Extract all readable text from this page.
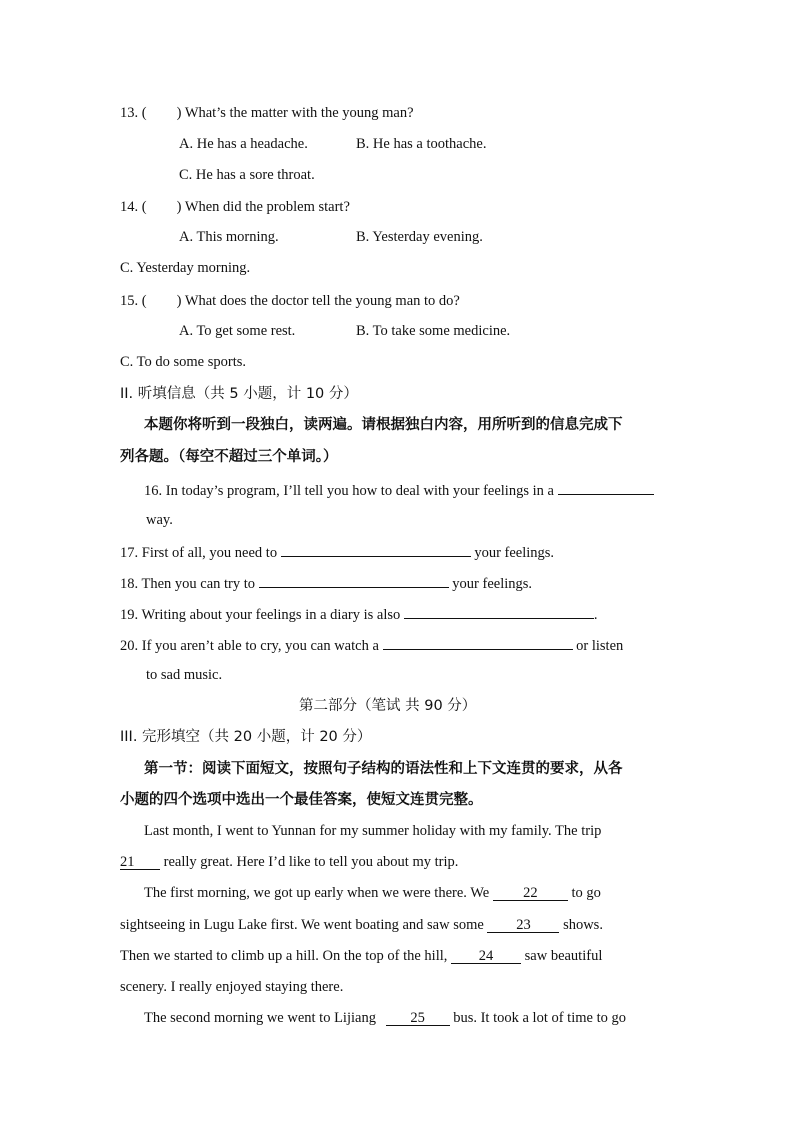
13. ( ) What’s the matter with the young man?
A. He has a headache.	B. He has a toothache.
C. He has a sore throat.
14. ( ) When did the problem start?
A. This morning.	B. Yesterday evening.
C. Yesterday morning.
15. ( ) What does the doctor tell the young man to do?
A. To get some rest.	B. To take some medicine.
C. To do some sports.
II. 听填信息（共 5 小题，计 10 分）
本题你将听到一段独白，读两遍。请根据独白内容，用所听到的信息完成下
列各题。（每空不超过三个单词。）
16. In today’s program, I’ll tell you how to deal with your feelings in a
way.
17. First of all, you need to	your feelings.
18. Then you can try to	your feelings.
19. Writing about your feelings in a diary is also	.
20. If you aren’t able to cry, you can watch a	or listen
to sad music.
第二部分（笔试 共 90 分）
III. 完形填空（共 20 小题，计 20 分）
第一节：阅读下面短文，按照句子结构的语法性和上下文连贯的要求，从各
小题的四个选项中选出一个最佳答案，使短文连贯完整。
Last month, I went to Yunnan for my summer holiday with my family. The trip
21 really great. Here I’d like to tell you about my trip.
The first morning, we got up early when we were there. We 22 to go
sightseeing in Lugu Lake first. We went boating and saw some 23 shows.
Then we started to climb up a hill. On the top of the hill, 24 saw beautiful
scenery. I really enjoyed staying there.
The second morning we went to Lijiang 25 bus. It took a lot of time to go
